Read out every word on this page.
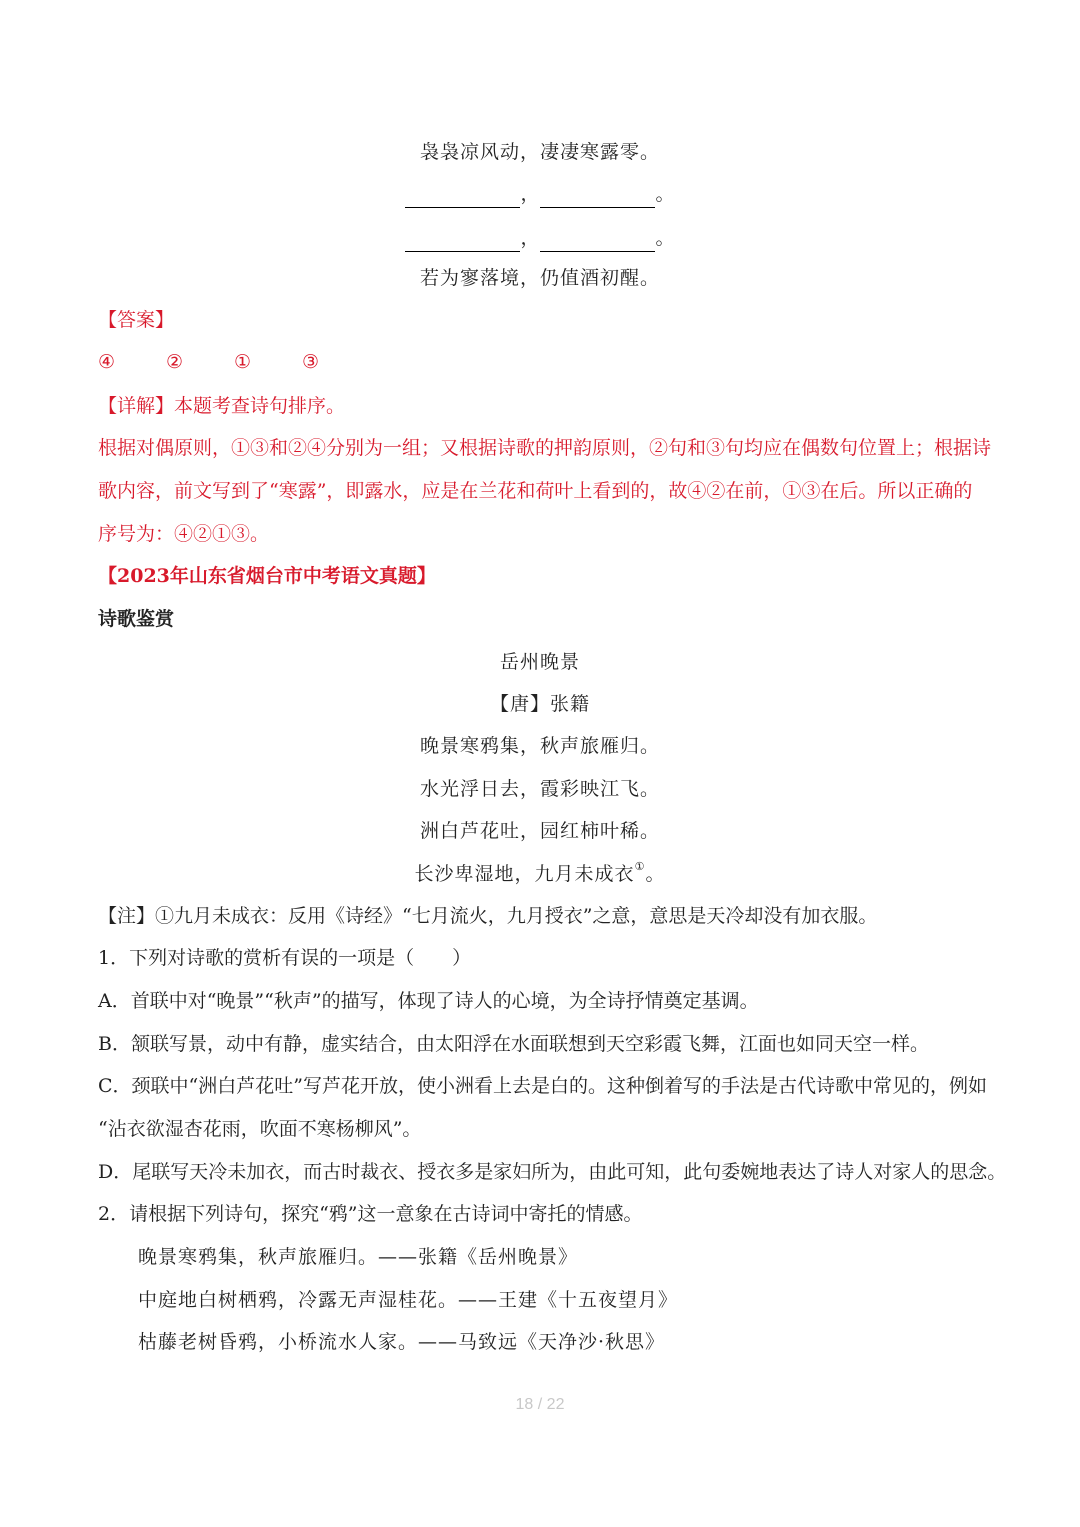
袅袅凉风动，凄凄寒露零。
，	。
，	。
若为寥落境，仍值酒初醒。
【答案】
④	②	①	③
【详解】本题考查诗句排序。
根据对偶原则，①③和②④分别为一组；又根据诗歌的押韵原则，②句和③句均应在偶数句位置上；根据诗
歌内容，前文写到了“寒露”，即露水，应是在兰花和荷叶上看到的，故④②在前，①③在后。所以正确的
序号为：④②①③。
【2023年山东省烟台市中考语文真题】
诗歌鉴赏
岳州晚景
【唐】张籍
晚景寒鸦集，秋声旅雁归。
水光浮日去，霞彩映江飞。
洲白芦花吐，园红柿叶稀。
长沙卑湿地，九月未成衣①。
【注】①九月未成衣：反用《诗经》“七月流火，九月授衣”之意，意思是天冷却没有加衣服。
1．下列对诗歌的赏析有误的一项是（　　）
A．首联中对“晚景”“秋声”的描写，体现了诗人的心境，为全诗抒情奠定基调。
B．颔联写景，动中有静，虚实结合，由太阳浮在水面联想到天空彩霞飞舞，江面也如同天空一样。
C．颈联中“洲白芦花吐”写芦花开放，使小洲看上去是白的。这种倒着写的手法是古代诗歌中常见的，例如
“沾衣欲湿杏花雨，吹面不寒杨柳风”。
D．尾联写天冷未加衣，而古时裁衣、授衣多是家妇所为，由此可知，此句委婉地表达了诗人对家人的思念。
2．请根据下列诗句，探究“鸦”这一意象在古诗词中寄托的情感。
晚景寒鸦集，秋声旅雁归。——张籍《岳州晚景》
中庭地白树栖鸦，冷露无声湿桂花。——王建《十五夜望月》
枯藤老树昏鸦，小桥流水人家。——马致远《天净沙·秋思》
18 / 22
